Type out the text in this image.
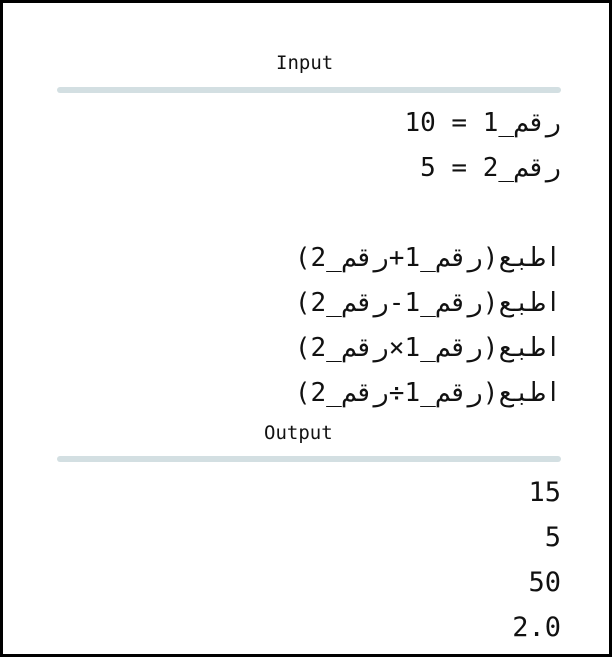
Input
رقم_1 = 10
رقم_2 = 5
اطبع(رقم_1+رقم_2)
اطبع(رقم_1-رقم_2)
اطبع(رقم_1×رقم_2)
اطبع(رقم_1÷رقم_2)
Output
15
5
50
2.0
